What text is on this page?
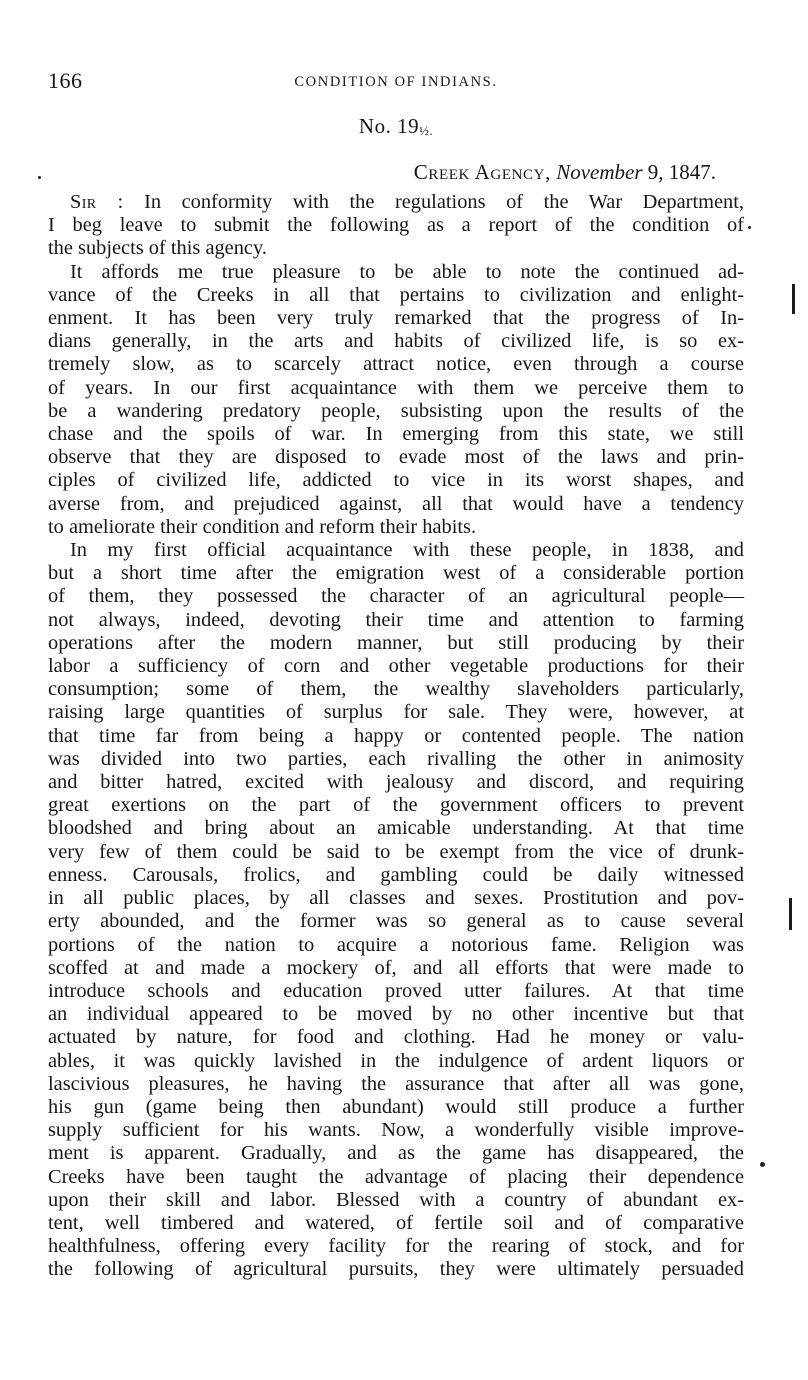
166	CONDITION OF INDIANS.
No. 19½.
Creek Agency, November 9, 1847.
Sir : In conformity with the regulations of the War Department,
I beg leave to submit the following as a report of the condition of
the subjects of this agency.
It affords me true pleasure to be able to note the continued ad-
vance of the Creeks in all that pertains to civilization and enlight-
enment. It has been very truly remarked that the progress of In-
dians generally, in the arts and habits of civilized life, is so ex-
tremely slow, as to scarcely attract notice, even through a course
of years. In our first acquaintance with them we perceive them to
be a wandering predatory people, subsisting upon the results of the
chase and the spoils of war. In emerging from this state, we still
observe that they are disposed to evade most of the laws and prin-
ciples of civilized life, addicted to vice in its worst shapes, and
averse from, and prejudiced against, all that would have a tendency
to ameliorate their condition and reform their habits.
In my first official acquaintance with these people, in 1838, and
but a short time after the emigration west of a considerable portion
of them, they possessed the character of an agricultural people—
not always, indeed, devoting their time and attention to farming
operations after the modern manner, but still producing by their
labor a sufficiency of corn and other vegetable productions for their
consumption; some of them, the wealthy slaveholders particularly,
raising large quantities of surplus for sale. They were, however, at
that time far from being a happy or contented people. The nation
was divided into two parties, each rivalling the other in animosity
and bitter hatred, excited with jealousy and discord, and requiring
great exertions on the part of the government officers to prevent
bloodshed and bring about an amicable understanding. At that time
very few of them could be said to be exempt from the vice of drunk-
enness. Carousals, frolics, and gambling could be daily witnessed
in all public places, by all classes and sexes. Prostitution and pov-
erty abounded, and the former was so general as to cause several
portions of the nation to acquire a notorious fame. Religion was
scoffed at and made a mockery of, and all efforts that were made to
introduce schools and education proved utter failures. At that time
an individual appeared to be moved by no other incentive but that
actuated by nature, for food and clothing. Had he money or valu-
ables, it was quickly lavished in the indulgence of ardent liquors or
lascivious pleasures, he having the assurance that after all was gone,
his gun (game being then abundant) would still produce a further
supply sufficient for his wants. Now, a wonderfully visible improve-
ment is apparent. Gradually, and as the game has disappeared, the
Creeks have been taught the advantage of placing their dependence
upon their skill and labor. Blessed with a country of abundant ex-
tent, well timbered and watered, of fertile soil and of comparative
healthfulness, offering every facility for the rearing of stock, and for
the following of agricultural pursuits, they were ultimately persuaded
